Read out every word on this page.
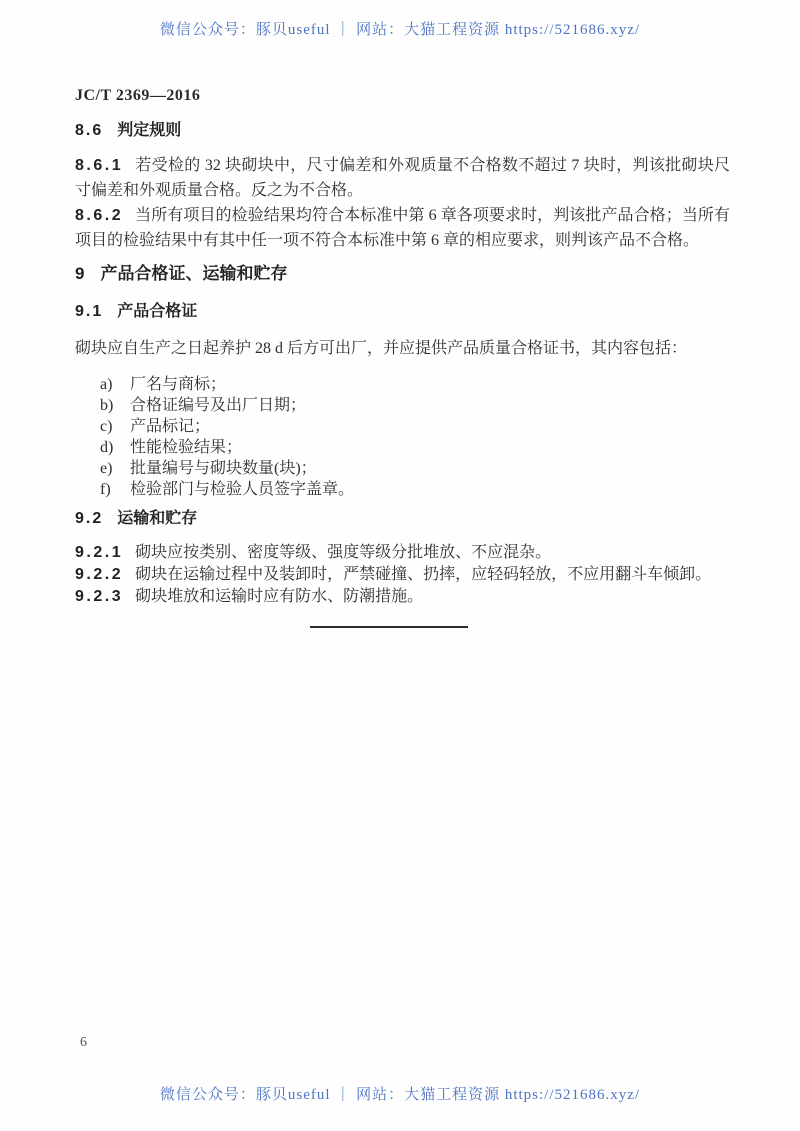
微信公众号：豚贝useful ｜ 网站：大猫工程资源 https://521686.xyz/
JC/T 2369—2016
8.6 判定规则

8.6.1 若受检的 32 块砌块中，尺寸偏差和外观质量不合格数不超过 7 块时，判该批砌块尺寸偏差和外观质量合格。反之为不合格。

8.6.2 当所有项目的检验结果均符合本标准中第 6 章各项要求时，判该批产品合格；当所有项目的检验结果中有其中任一项不符合本标准中第 6 章的相应要求，则判该产品不合格。

9 产品合格证、运输和贮存
9.1 产品合格证

砌块应自生产之日起养护 28 d 后方可出厂，并应提供产品质量合格证书，其内容包括：

a) 厂名与商标；
b) 合格证编号及出厂日期；
c) 产品标记；
d) 性能检验结果；
e) 批量编号与砌块数量(块)；
f) 检验部门与检验人员签字盖章。
9.2 运输和贮存

9.2.1 砌块应按类别、密度等级、强度等级分批堆放、不应混杂。

9.2.2 砌块在运输过程中及装卸时，严禁碰撞、扔摔，应轻码轻放，不应用翻斗车倾卸。

9.2.3 砌块堆放和运输时应有防水、防潮措施。

6
微信公众号：豚贝useful ｜ 网站：大猫工程资源 https://521686.xyz/
